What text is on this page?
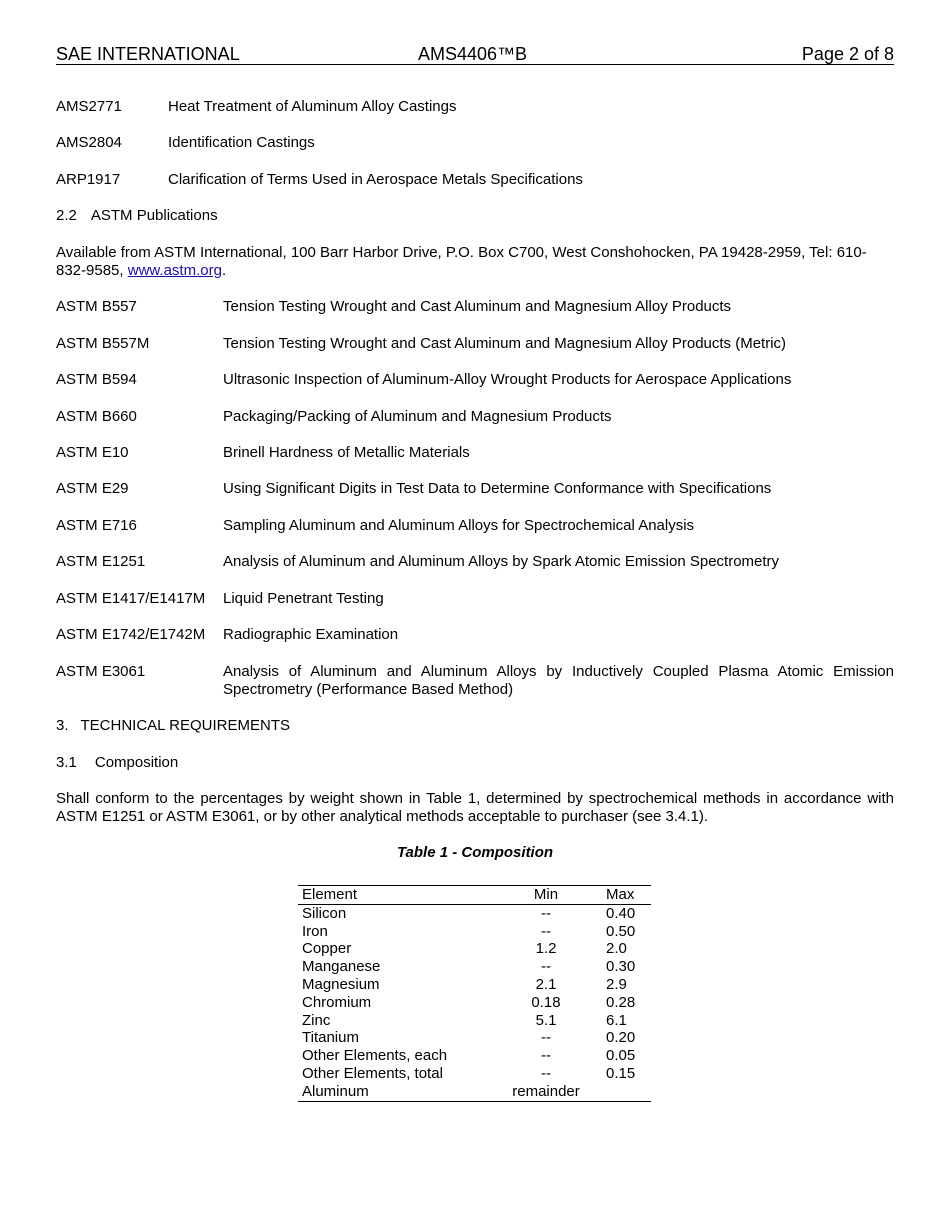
SAE INTERNATIONAL	AMS4406™B	Page 2 of 8
AMS2771	Heat Treatment of Aluminum Alloy Castings
AMS2804	Identification Castings
ARP1917	Clarification of Terms Used in Aerospace Metals Specifications
2.2 ASTM Publications
Available from ASTM International, 100 Barr Harbor Drive, P.O. Box C700, West Conshohocken, PA 19428-2959, Tel: 610-
832-9585, www.astm.org.
ASTM B557	Tension Testing Wrought and Cast Aluminum and Magnesium Alloy Products
ASTM B557M	Tension Testing Wrought and Cast Aluminum and Magnesium Alloy Products (Metric)
ASTM B594	Ultrasonic Inspection of Aluminum-Alloy Wrought Products for Aerospace Applications
ASTM B660	Packaging/Packing of Aluminum and Magnesium Products
ASTM E10	Brinell Hardness of Metallic Materials
ASTM E29	Using Significant Digits in Test Data to Determine Conformance with Specifications
ASTM E716	Sampling Aluminum and Aluminum Alloys for Spectrochemical Analysis
ASTM E1251	Analysis of Aluminum and Aluminum Alloys by Spark Atomic Emission Spectrometry
ASTM E1417/E1417M Liquid Penetrant Testing
ASTM E1742/E1742M Radiographic Examination
ASTM E3061	Analysis of Aluminum and Aluminum Alloys by Inductively Coupled Plasma Atomic Emission
Spectrometry (Performance Based Method)
3. TECHNICAL REQUIREMENTS
3.1 Composition
Shall conform to the percentages by weight shown in Table 1, determined by spectrochemical methods in accordance with
ASTM E1251 or ASTM E3061, or by other analytical methods acceptable to purchaser (see 3.4.1).
Table 1 - Composition
Element	Min	Max
Silicon	--	0.40
Iron	--	0.50
Copper	1.2	2.0
Manganese	--	0.30
Magnesium	2.1	2.9
Chromium	0.18	0.28
Zinc	5.1	6.1
Titanium	--	0.20
Other Elements, each	--	0.05
Other Elements, total	--	0.15
Aluminum	remainder	
